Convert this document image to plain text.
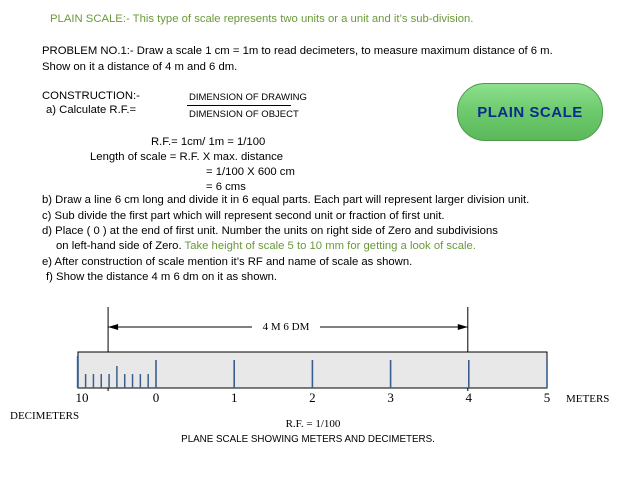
PLAIN SCALE:- This type of scale represents two units or a unit and it’s sub-division.
PROBLEM NO.1:- Draw a scale 1 cm = 1m to read decimeters, to measure maximum distance of 6 m.
Show on it a distance of 4 m and 6 dm.
PLAIN SCALE
CONSTRUCTION:-
a) Calculate R.F.=
DIMENSION OF DRAWING
DIMENSION OF OBJECT
R.F.= 1cm/ 1m = 1/100
Length of scale = R.F. X max. distance
= 1/100 X 600 cm
= 6 cms
b) Draw a line 6 cm long and divide it in 6 equal parts. Each part will represent larger division unit.
c) Sub divide the first part which will represent second unit or fraction of first unit.
d) Place ( 0 ) at the end of first unit. Number the units on right side of Zero and subdivisions
on left-hand side of Zero. Take height of scale 5 to 10 mm for getting a look of scale.
e) After construction of scale mention it’s RF and name of scale as shown.
f) Show the distance 4 m 6 dm on it as shown.
4 M 6 DM
10	0	1	2	3	4	5 METERS
DECIMETERS
R.F. = 1/100
PLANE SCALE SHOWING METERS AND DECIMETERS.
